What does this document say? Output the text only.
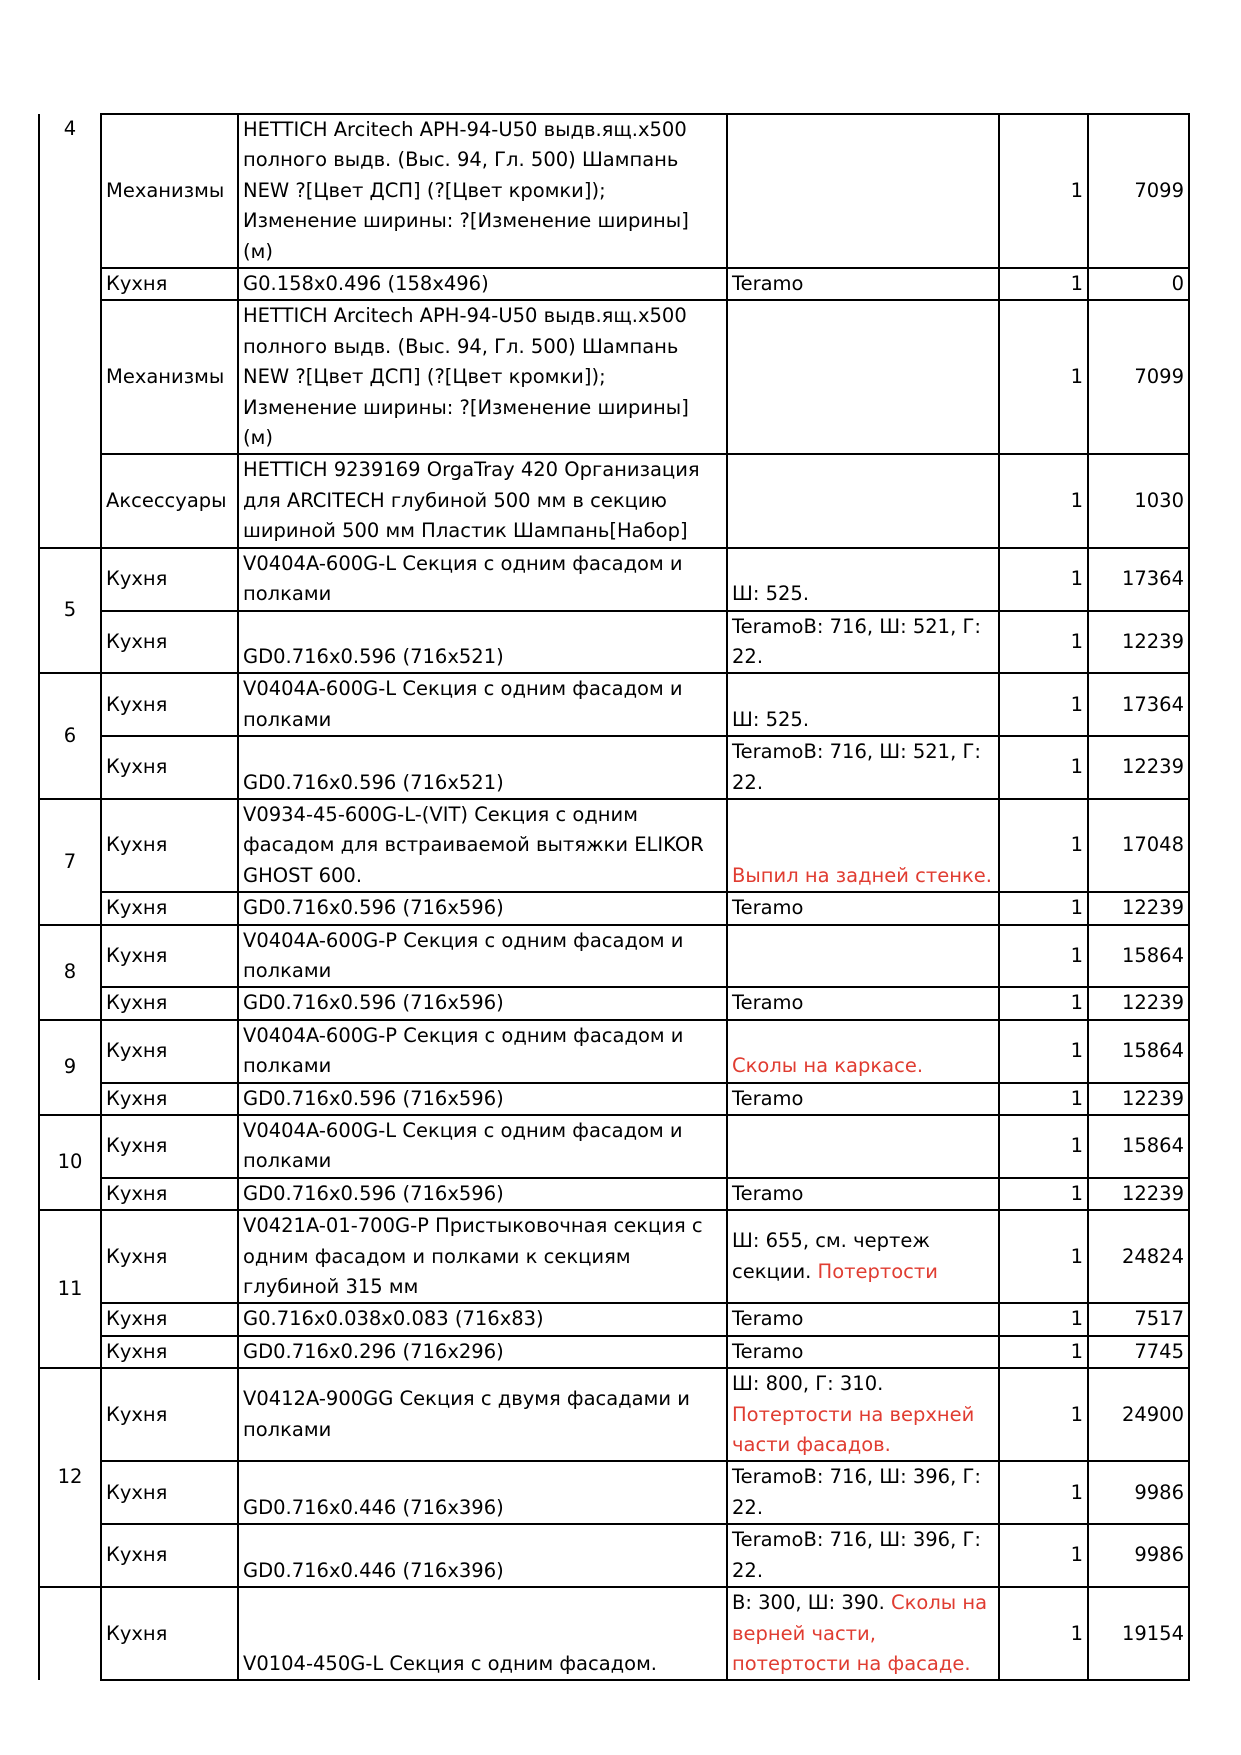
4	Механизмы	HETTICH Arcitech APH-94-U50 выдв.ящ.x500 полного выдв. (Выс. 94, Гл. 500) Шампань NEW ?[Цвет ДСП] (?[Цвет кромки]); Изменение ширины: ?[Изменение ширины] (м)		1	7099
	Кухня	G0.158x0.496 (158x496)	Teramo	1	0
	Механизмы	HETTICH Arcitech APH-94-U50 выдв.ящ.x500 полного выдв. (Выс. 94, Гл. 500) Шампань NEW ?[Цвет ДСП] (?[Цвет кромки]); Изменение ширины: ?[Изменение ширины] (м)		1	7099
	Аксессуары	HETTICH 9239169 OrgaTray 420 Организация для ARCITECH глубиной 500 мм в секцию шириной 500 мм Пластик Шампань[Набор]		1	1030
5	Кухня	V0404A-600G-L Секция с одним фасадом и полками	Ш: 525.	1	17364
	Кухня	GD0.716x0.596 (716x521)	TeramoВ: 716, Ш: 521, Г: 22.	1	12239
6	Кухня	V0404A-600G-L Секция с одним фасадом и полками	Ш: 525.	1	17364
	Кухня	GD0.716x0.596 (716x521)	TeramoВ: 716, Ш: 521, Г: 22.	1	12239
7	Кухня	V0934-45-600G-L-(VIT) Секция с одним фасадом для встраиваемой вытяжки ELIKOR GHOST 600.	Выпил на задней стенке.	1	17048
	Кухня	GD0.716x0.596 (716x596)	Teramo	1	12239
8	Кухня	V0404A-600G-P Секция с одним фасадом и полками		1	15864
	Кухня	GD0.716x0.596 (716x596)	Teramo	1	12239
9	Кухня	V0404A-600G-P Секция с одним фасадом и полками	Сколы на каркасе.	1	15864
	Кухня	GD0.716x0.596 (716x596)	Teramo	1	12239
10	Кухня	V0404A-600G-L Секция с одним фасадом и полками		1	15864
	Кухня	GD0.716x0.596 (716x596)	Teramo	1	12239
11	Кухня	V0421A-01-700G-P Пристыковочная секция с одним фасадом и полками к секциям глубиной 315 мм	Ш: 655, см. чертеж секции. Потертости	1	24824
	Кухня	G0.716x0.038x0.083 (716x83)	Teramo	1	7517
	Кухня	GD0.716x0.296 (716x296)	Teramo	1	7745
12	Кухня	V0412A-900GG Секция с двумя фасадами и полками	Ш: 800, Г: 310. Потертости на верхней части фасадов.	1	24900
	Кухня	GD0.716x0.446 (716x396)	TeramoВ: 716, Ш: 396, Г: 22.	1	9986
	Кухня	GD0.716x0.446 (716x396)	TeramoВ: 716, Ш: 396, Г: 22.	1	9986
	Кухня	V0104-450G-L Секция с одним фасадом.	В: 300, Ш: 390. Сколы на верней части, потертости на фасаде.	1	19154
